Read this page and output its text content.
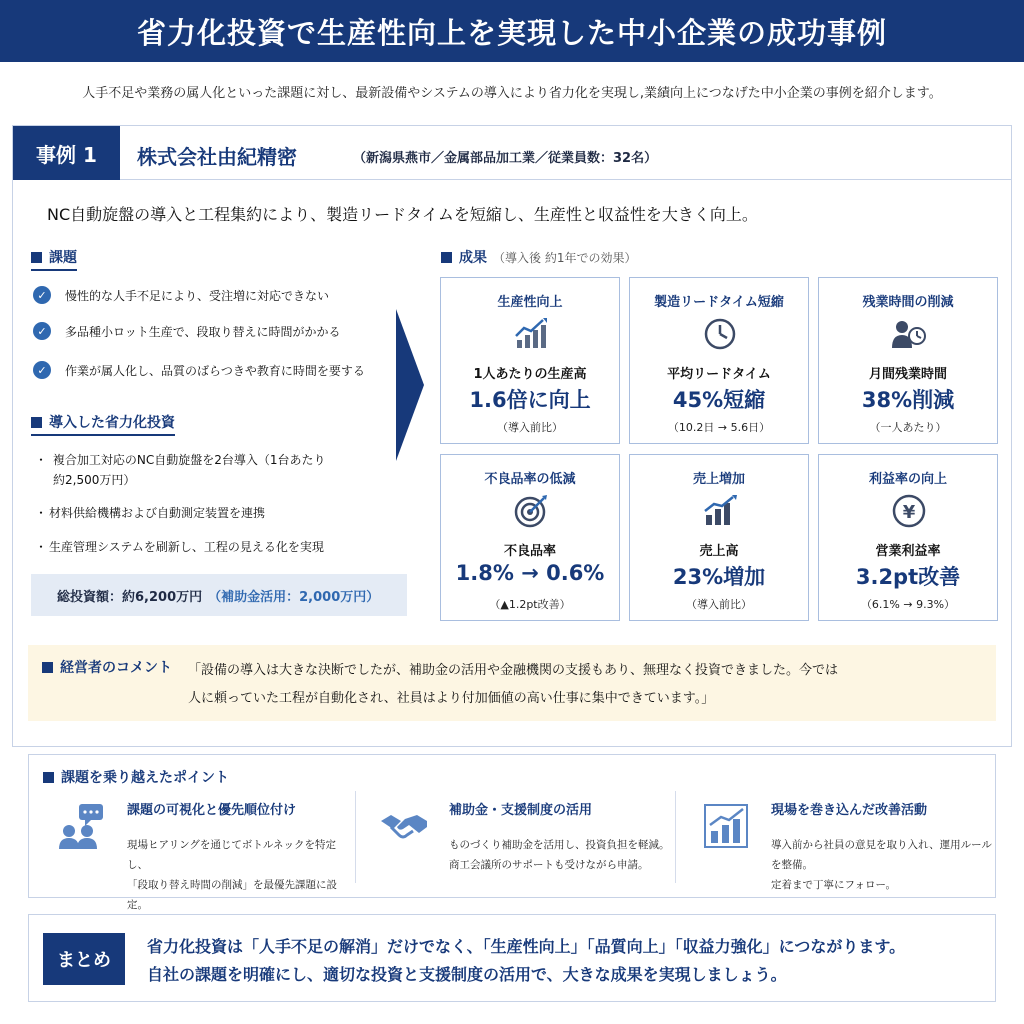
省力化投資で生産性向上を実現した中小企業の成功事例
人手不足や業務の属人化といった課題に対し、最新設備やシステムの導入により省力化を実現し,業績向上につなげた中小企業の事例を紹介します。
事例 1	株式会社由紀精密	（新潟県燕市／金属部品加工業／従業員数：32名）
NC自動旋盤の導入と工程集約により、製造リードタイムを短縮し、生産性と収益性を大きく向上。
課題
✓	慢性的な人手不足により、受注増に対応できない
✓	多品種小ロット生産で、段取り替えに時間がかかる
✓	作業が属人化し、品質のばらつきや教育に時間を要する
導入した省力化投資
・ 複合加工対応のNC自動旋盤を2台導入（1台あたり
約2,500万円）
・ 材料供給機構および自動測定装置を連携
・ 生産管理システムを刷新し、工程の見える化を実現
総投資額：約6,200万円 （補助金活用：2,000万円）
成果 （導入後 約1年での効果）
生産性向上
1人あたりの生産高
1.6倍に向上
（導入前比）
製造リードタイム短縮
平均リードタイム
45%短縮
（10.2日 → 5.6日）
残業時間の削減
月間残業時間
38%削減
（一人あたり）
不良品率の低減
不良品率
1.8% → 0.6%
（▲1.2pt改善）
売上増加
売上高
23%増加
（導入前比）
利益率の向上
¥
営業利益率
3.2pt改善
（6.1% → 9.3%）
経営者のコメント 「設備の導入は大きな決断でしたが、補助金の活用や金融機関の支援もあり、無理なく投資できました。今では
人に頼っていた工程が自動化され、社員はより付加価値の高い仕事に集中できています。」
課題を乗り越えたポイント
課題の可視化と優先順位付け
現場ヒアリングを通じてボトルネックを特定し、
「段取り替え時間の削減」を最優先課題に設定。
補助金・支援制度の活用
ものづくり補助金を活用し、投資負担を軽減。
商工会議所のサポートも受けながら申請。
現場を巻き込んだ改善活動
導入前から社員の意見を取り入れ、運用ルールを整備。
定着まで丁寧にフォロー。
まとめ
省力化投資は「人手不足の解消」だけでなく、「生産性向上」「品質向上」「収益力強化」につながります。
自社の課題を明確にし、適切な投資と支援制度の活用で、大きな成果を実現しましょう。
